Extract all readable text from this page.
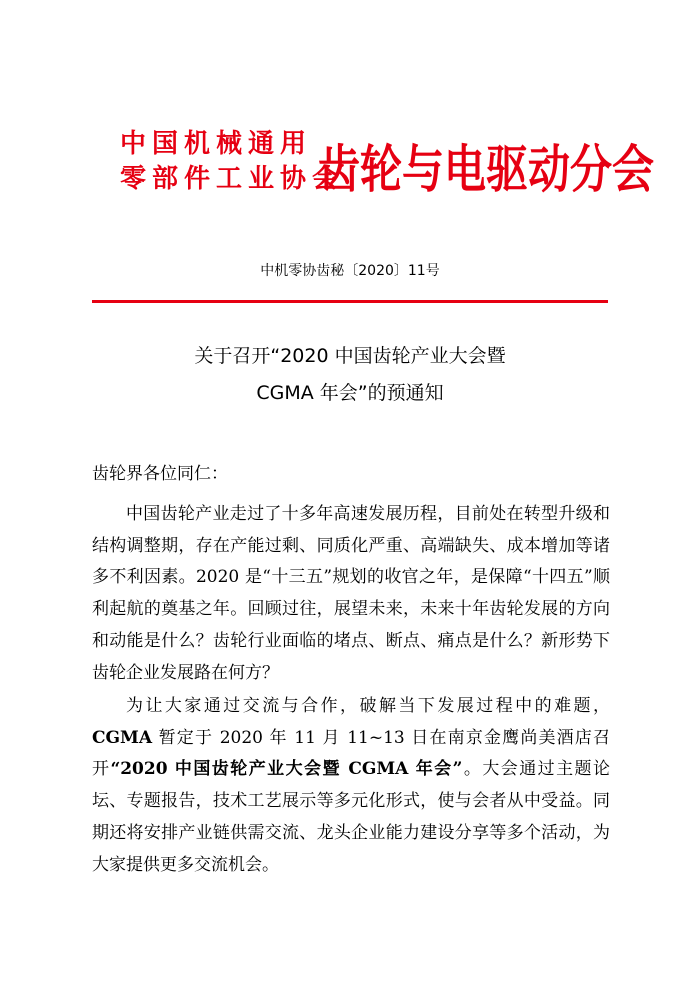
中国机械通用
零部件工业协会
齿轮与电驱动分会
中机零协齿秘〔2020〕11号
关于召开“2020 中国齿轮产业大会暨
CGMA 年会”的预通知
齿轮界各位同仁：
中国齿轮产业走过了十多年高速发展历程，目前处在转型升级和结构调整期，存在产能过剩、同质化严重、高端缺失、成本增加等诸多不利因素。2020 是“十三五”规划的收官之年，是保障“十四五”顺利起航的奠基之年。回顾过往，展望未来，未来十年齿轮发展的方向和动能是什么？齿轮行业面临的堵点、断点、痛点是什么？新形势下齿轮企业发展路在何方？
为让大家通过交流与合作，破解当下发展过程中的难题，CGMA 暂定于 2020 年 11 月 11~13 日在南京金鹰尚美酒店召开“2020 中国齿轮产业大会暨 CGMA 年会”。大会通过主题论坛、专题报告，技术工艺展示等多元化形式，使与会者从中受益。同期还将安排产业链供需交流、龙头企业能力建设分享等多个活动，为大家提供更多交流机会。
